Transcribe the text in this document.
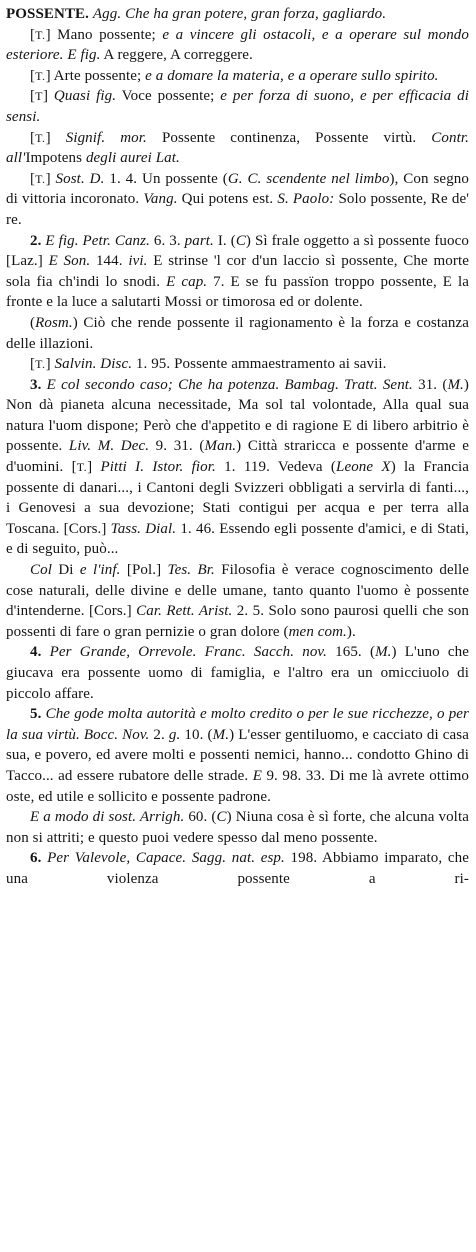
POSSENTE. Agg. Che ha gran potere, gran forza, gagliardo.

[T.] Mano possente; e a vincere gli ostacoli, e a operare sul mondo esteriore. E fig. A reggere, A correggere.

[T.] Arte possente; e a domare la materia, e a operare sullo spirito.

[T] Quasi fig. Voce possente; e per forza di suono, e per efficacia di sensi.

[T.] Signif. mor. Possente continenza, Possente virtù. Contr. all'Impotens degli aurei Lat.

[T.] Sost. D. 1. 4. Un possente (G. C. scendente nel limbo), Con segno di vittoria incoronato. Vang. Qui potens est. S. Paolo: Solo possente, Re de' re.

2. E fig. Petr. Canz. 6. 3. part. I. (C) Sì frale oggetto a sì possente fuoco [Laz.] E Son. 144. ivi. E strinse 'l cor d'un laccio sì possente, Che morte sola fia ch'indi lo snodi. E cap. 7. E se fu passïon troppo possente, E la fronte e la luce a salutarti Mossi or timorosa ed or dolente.

(Rosm.) Ciò che rende possente il ragionamento è la forza e costanza delle illazioni.

[T.] Salvin. Disc. 1. 95. Possente ammaestramento ai savii.

3. E col secondo caso; Che ha potenza. Bambag. Tratt. Sent. 31. (M.) Non dà pianeta alcuna necessitade, Ma sol tal volontade, Alla qual sua natura l'uom dispone; Però che d'appetito e di ragione E di libero arbitrio è possente. Liv. M. Dec. 9. 31. (Man.) Città straricca e possente d'arme e d'uomini. [T.] Pitti I. Istor. fior. 1. 119. Vedeva (Leone X) la Francia possente di danari..., i Cantoni degli Svizzeri obbligati a servirla di fanti..., i Genovesi a sua devozione; Stati contigui per acqua e per terra alla Toscana. [Cors.] Tass. Dial. 1. 46. Essendo egli possente d'amici, e di Stati, e di seguito, può...

Col Di e l'inf. [Pol.] Tes. Br. Filosofia è verace cognoscimento delle cose naturali, delle divine e delle umane, tanto quanto l'uomo è possente d'intenderne. [Cors.] Car. Rett. Arist. 2. 5. Solo sono paurosi quelli che son possenti di fare o gran pernizie o gran dolore (men com.).

4. Per Grande, Orrevole. Franc. Sacch. nov. 165. (M.) L'uno che giucava era possente uomo di famiglia, e l'altro era un omicciuolo di piccolo affare.

5. Che gode molta autorità e molto credito o per le sue ricchezze, o per la sua virtù. Bocc. Nov. 2. g. 10. (M.) L'esser gentiluomo, e cacciato di casa sua, e povero, ed avere molti e possenti nemici, hanno... condotto Ghino di Tacco... ad essere rubatore delle strade. E 9. 98. 33. Di me là avrete ottimo oste, ed utile e sollicito e possente padrone.

E a modo di sost. Arrigh. 60. (C) Niuna cosa è sì forte, che alcuna volta non si attriti; e questo puoi vedere spesso dal meno possente.

6. Per Valevole, Capace. Sagg. nat. esp. 198. Abbiamo imparato, che una violenza possente a ri-
